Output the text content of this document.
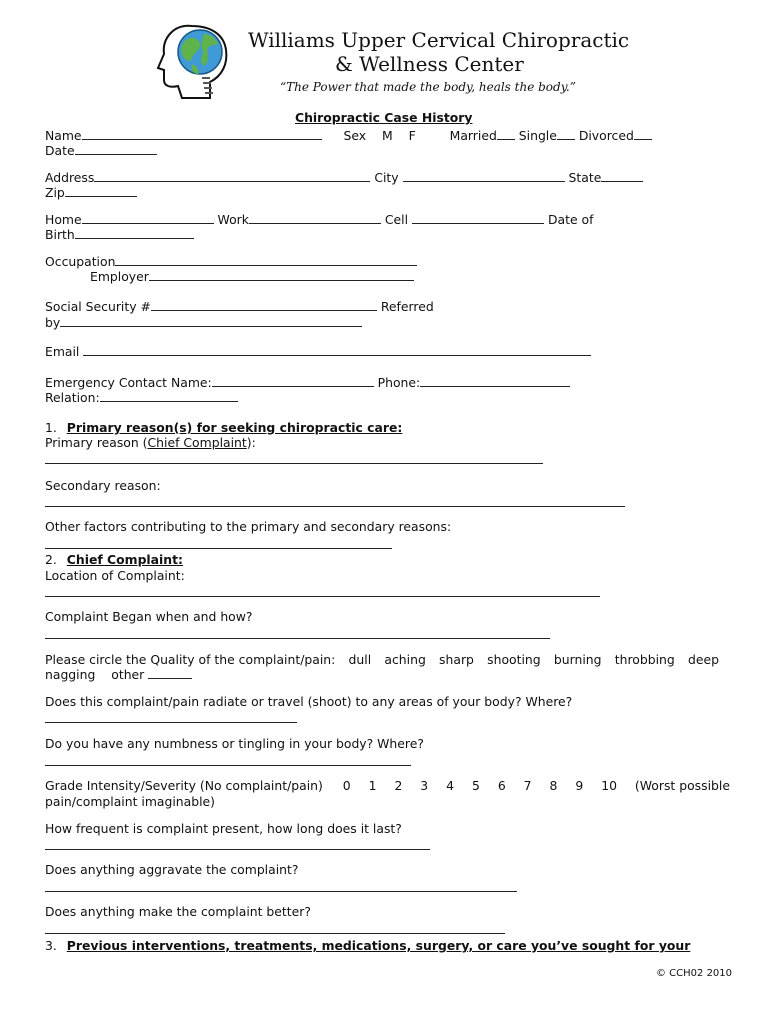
Williams Upper Cervical Chiropractic
& Wellness Center
“The Power that made the body, heals the body.”
Chiropractic Case History
Name	Sex M F	Married Single Divorced
Date
Address	City	State
Zip
Home	Work	Cell	Date of
Birth
Occupation
Employer
Social Security #	Referred
by
Email
Emergency Contact Name:	Phone:
Relation:
1. Primary reason(s) for seeking chiropractic care:
Primary reason (Chief Complaint):
Secondary reason:
Other factors contributing to the primary and secondary reasons:
2. Chief Complaint:
Location of Complaint:
Complaint Began when and how?
Please circle the Quality of the complaint/pain: dull aching sharp shooting burning throbbing deep
nagging other
Does this complaint/pain radiate or travel (shoot) to any areas of your body? Where?
Do you have any numbness or tingling in your body? Where?
Grade Intensity/Severity (No complaint/pain) 0 1 2 3 4 5 6 7 8 9 10 (Worst possible
pain/complaint imaginable)
How frequent is complaint present, how long does it last?
Does anything aggravate the complaint?
Does anything make the complaint better?
3. Previous interventions, treatments, medications, surgery, or care you’ve sought for your
© CCH02 2010
